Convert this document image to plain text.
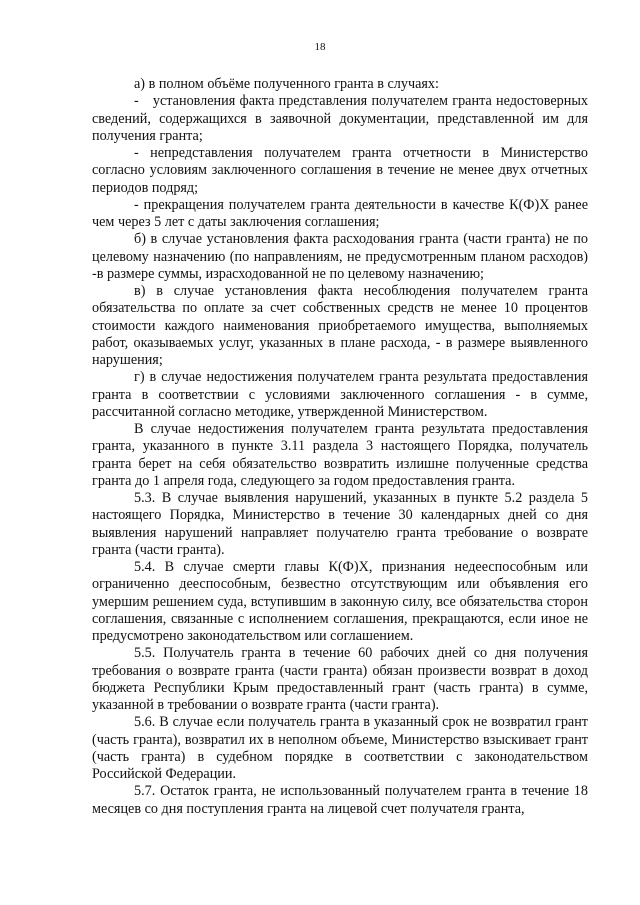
18

а) в полном объёме полученного гранта в случаях:

- установления факта представления получателем гранта недостоверных сведений, содержащихся в заявочной документации, представленной им для получения гранта;

- непредставления получателем гранта отчетности в Министерство согласно условиям заключенного соглашения в течение не менее двух отчетных периодов подряд;

- прекращения получателем гранта деятельности в качестве К(Ф)Х ранее чем через 5 лет с даты заключения соглашения;

б) в случае установления факта расходования гранта (части гранта) не по целевому назначению (по направлениям, не предусмотренным планом расходов) -в размере суммы, израсходованной не по целевому назначению;

в) в случае установления факта несоблюдения получателем гранта обязательства по оплате за счет собственных средств не менее 10 процентов стоимости каждого наименования приобретаемого имущества, выполняемых работ, оказываемых услуг, указанных в плане расхода, - в размере выявленного нарушения;

г) в случае недостижения получателем гранта результата предоставления гранта в соответствии с условиями заключенного соглашения - в сумме, рассчитанной согласно методике, утвержденной Министерством.

В случае недостижения получателем гранта результата предоставления гранта, указанного в пункте 3.11 раздела 3 настоящего Порядка, получатель гранта берет на себя обязательство возвратить излишне полученные средства гранта до 1 апреля года, следующего за годом предоставления гранта.

5.3. В случае выявления нарушений, указанных в пункте 5.2 раздела 5 настоящего Порядка, Министерство в течение 30 календарных дней со дня выявления нарушений направляет получателю гранта требование о возврате гранта (части гранта).

5.4. В случае смерти главы К(Ф)Х, признания недееспособным или ограниченно дееспособным, безвестно отсутствующим или объявления его умершим решением суда, вступившим в законную силу, все обязательства сторон соглашения, связанные с исполнением соглашения, прекращаются, если иное не предусмотрено законодательством или соглашением.

5.5. Получатель гранта в течение 60 рабочих дней со дня получения требования о возврате гранта (части гранта) обязан произвести возврат в доход бюджета Республики Крым предоставленный грант (часть гранта) в сумме, указанной в требовании о возврате гранта (части гранта).

5.6. В случае если получатель гранта в указанный срок не возвратил грант (часть гранта), возвратил их в неполном объеме, Министерство взыскивает грант (часть гранта) в судебном порядке в соответствии с законодательством Российской Федерации.

5.7. Остаток гранта, не использованный получателем гранта в течение 18 месяцев со дня поступления гранта на лицевой счет получателя гранта,
